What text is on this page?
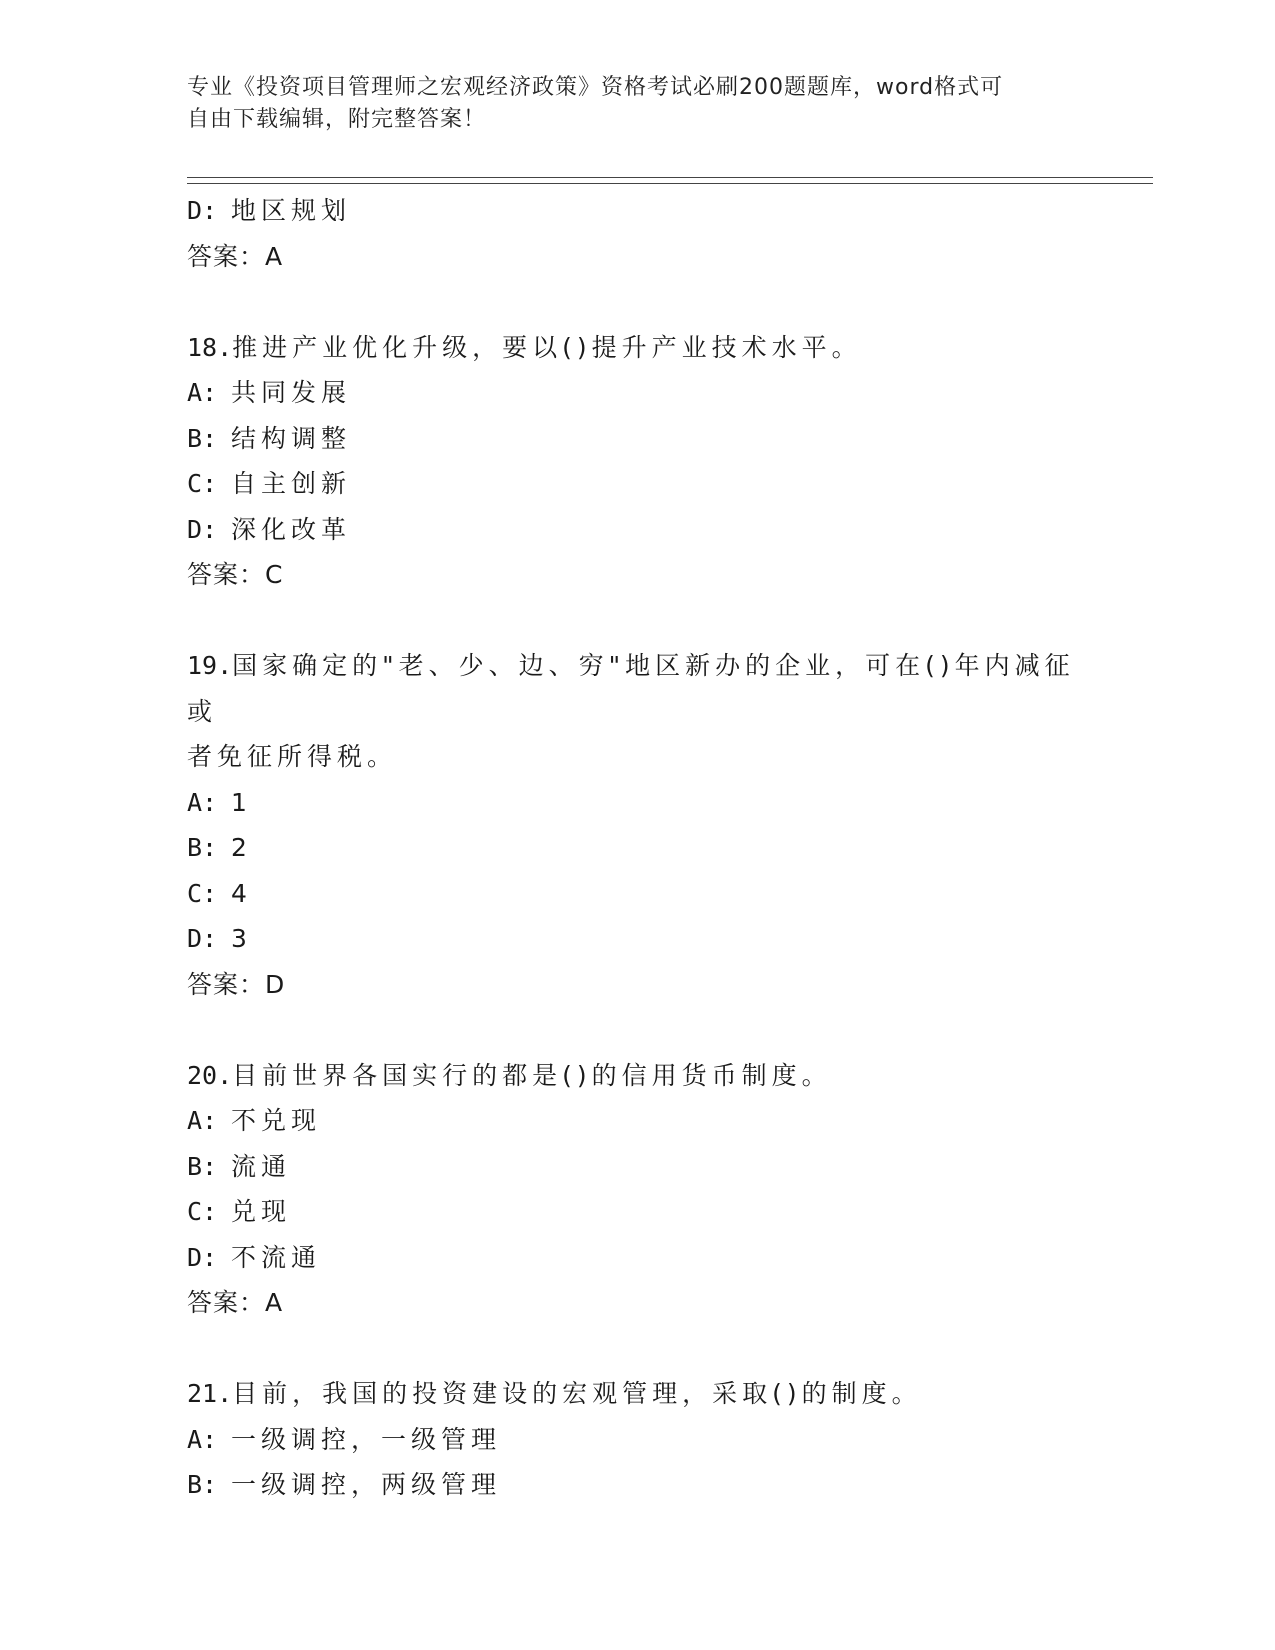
专业《投资项目管理师之宏观经济政策》资格考试必刷200题题库，word格式可
自由下载编辑，附完整答案！
D: 地区规划
答案：A
18.推进产业优化升级，要以()提升产业技术水平。
A: 共同发展
B: 结构调整
C: 自主创新
D: 深化改革
答案：C
19.国家确定的"老、少、边、穷"地区新办的企业，可在()年内减征或
者免征所得税。
A: 1
B: 2
C: 4
D: 3
答案：D
20.目前世界各国实行的都是()的信用货币制度。
A: 不兑现
B: 流通
C: 兑现
D: 不流通
答案：A
21.目前，我国的投资建设的宏观管理，采取()的制度。
A: 一级调控，一级管理
B: 一级调控，两级管理
